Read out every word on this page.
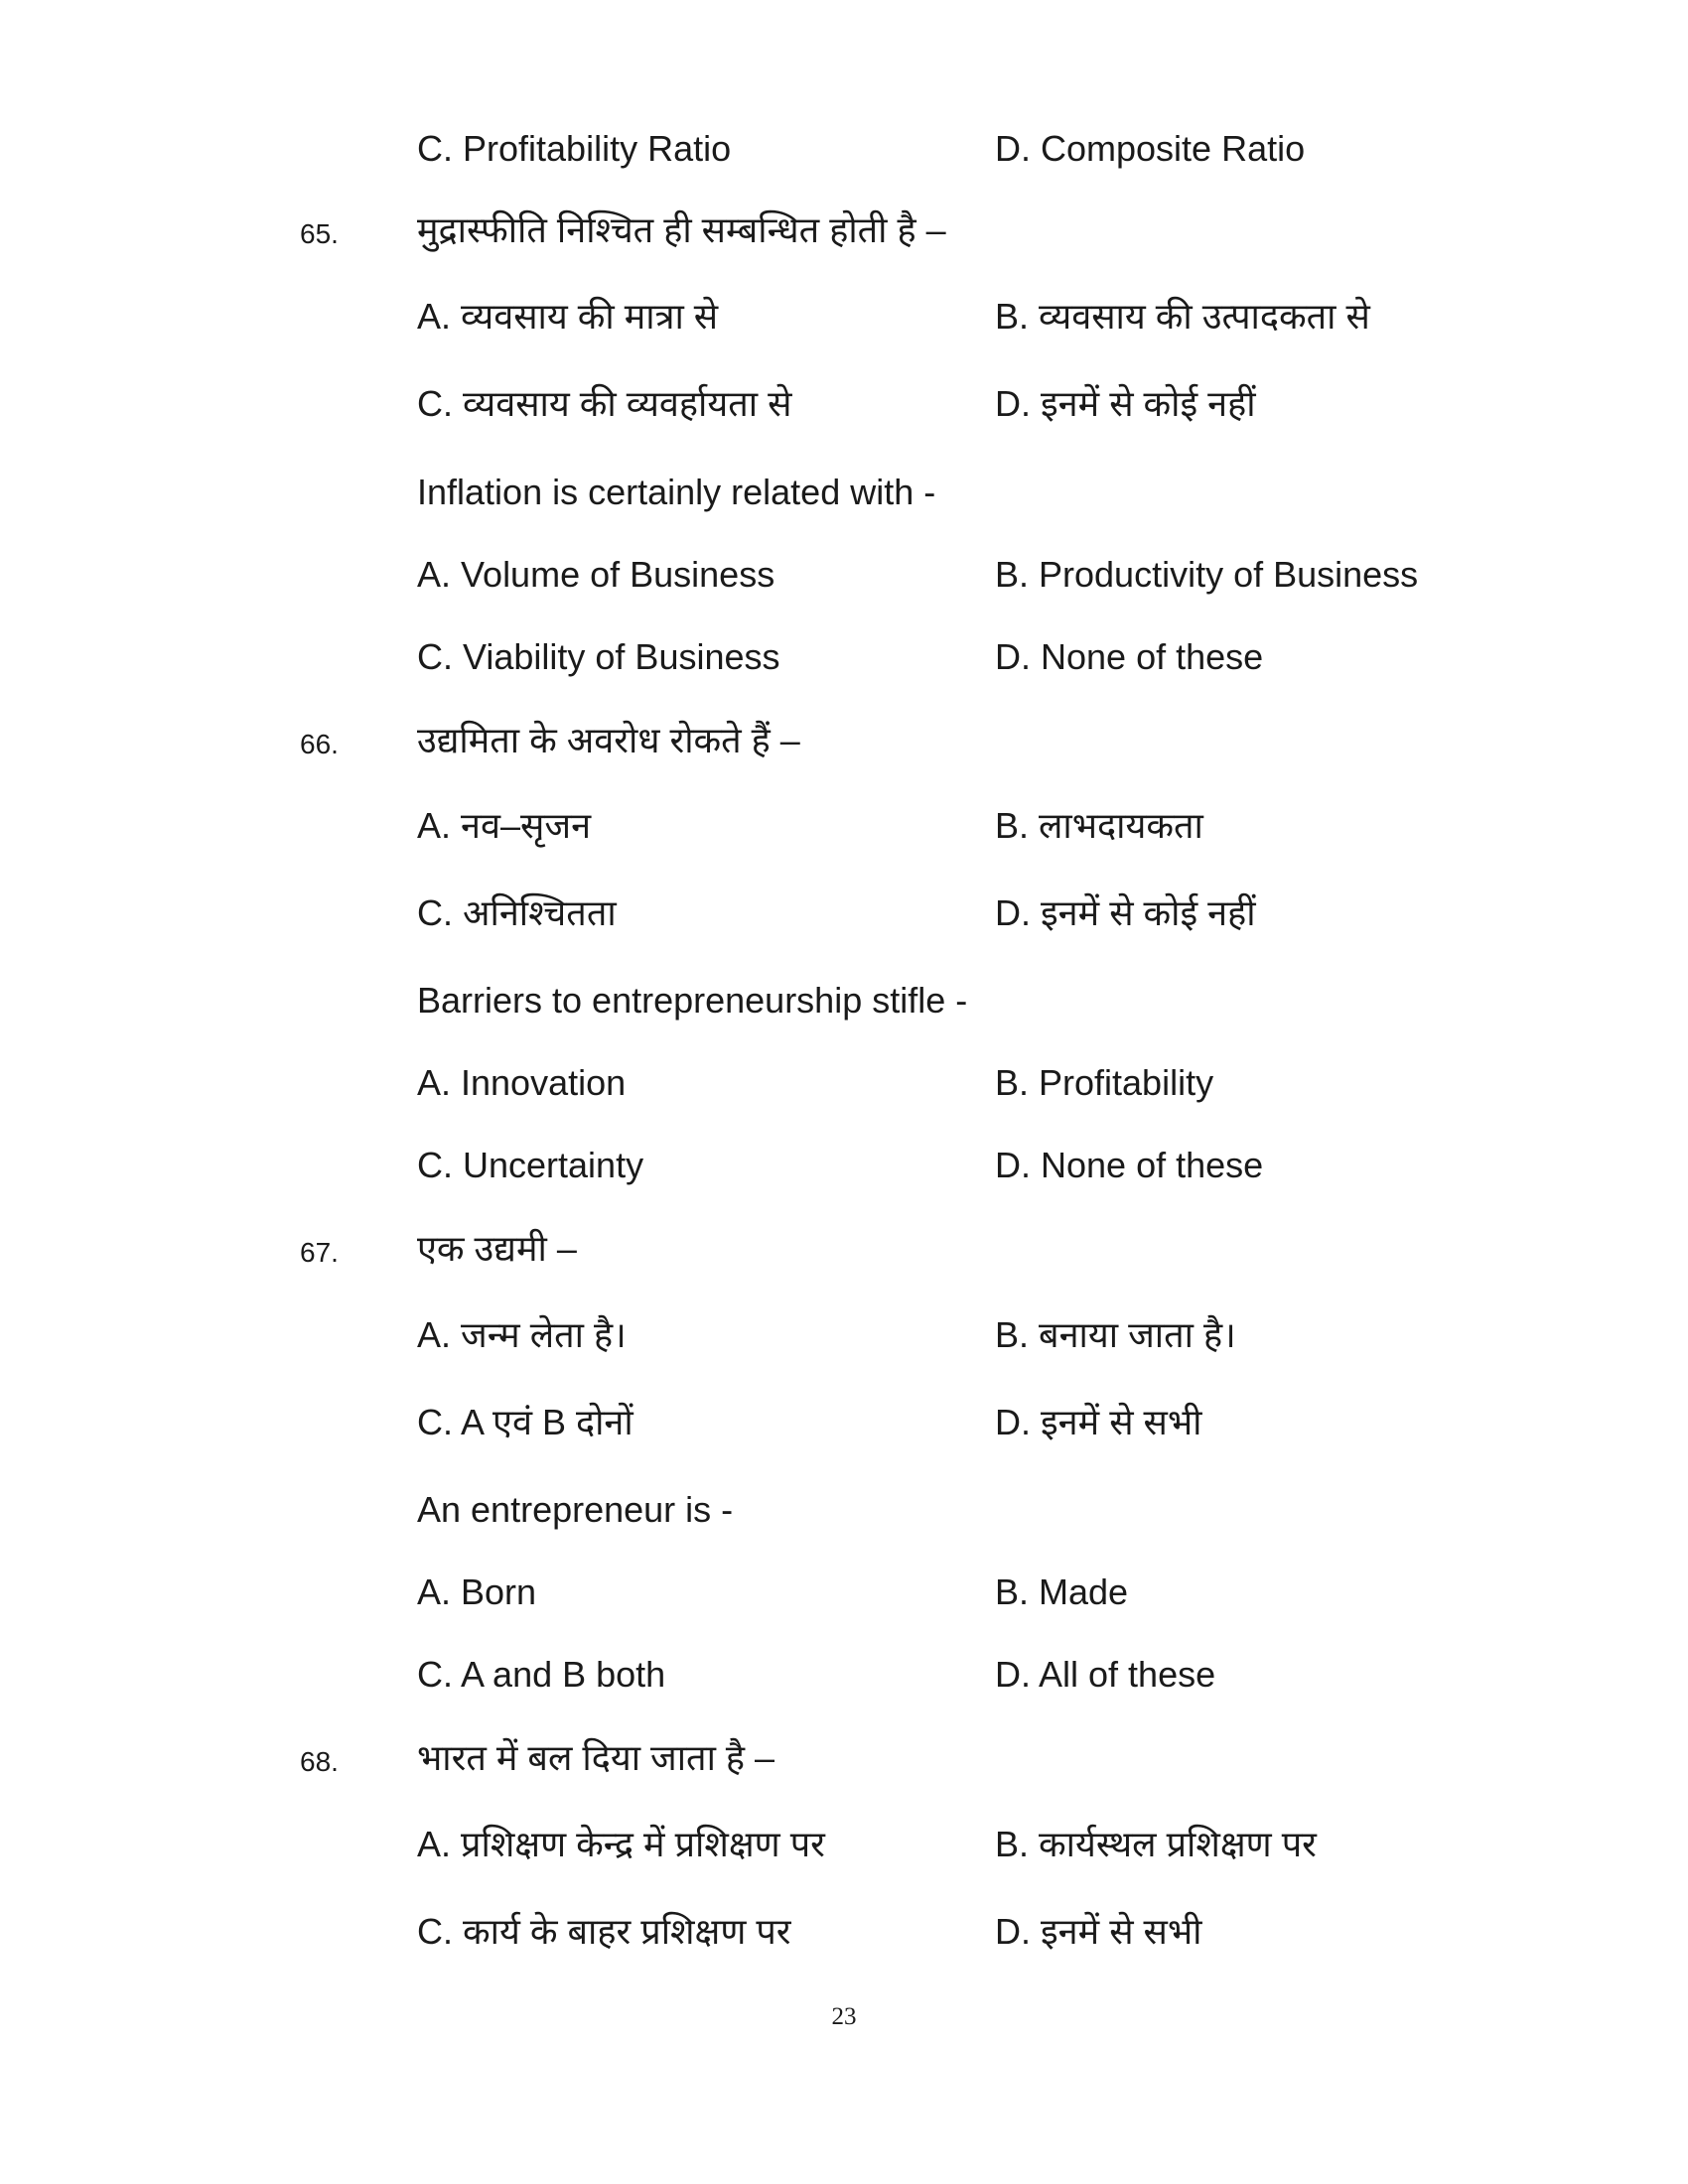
C. Profitability Ratio	D. Composite Ratio
65. मुद्रास्फीति निश्चित ही सम्बन्धित होती है –
A. व्यवसाय की मात्रा से	B. व्यवसाय की उत्पादकता से
C. व्यवसाय की व्यवर्हायता से	D. इनमें से कोई नहीं
Inflation is certainly related with -
A. Volume of Business	B. Productivity of Business
C. Viability of Business	D. None of these
66. उद्यमिता के अवरोध रोकते हैं –
A. नव–सृजन	B. लाभदायकता
C. अनिश्चितता	D. इनमें से कोई नहीं
Barriers to entrepreneurship stifle -
A. Innovation	B. Profitability
C. Uncertainty	D. None of these
67. एक उद्यमी –
A. जन्म लेता है।	B. बनाया जाता है।
C. A एवं B दोनों	D. इनमें से सभी
An entrepreneur is -
A. Born	B. Made
C. A and B both	D. All of these
68. भारत में बल दिया जाता है –
A. प्रशिक्षण केन्द्र में प्रशिक्षण पर	B. कार्यस्थल प्रशिक्षण पर
C. कार्य के बाहर प्रशिक्षण पर	D. इनमें से सभी
23
